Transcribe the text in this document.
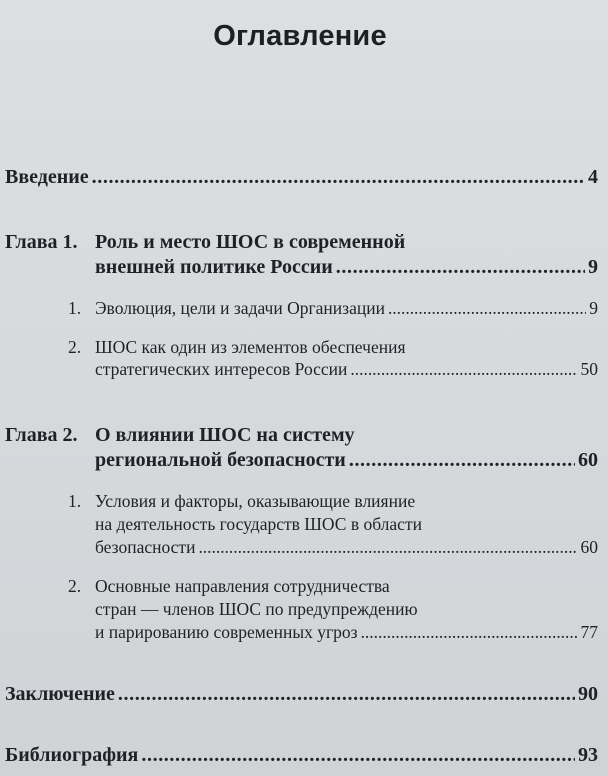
Оглавление
Введение . . .	4
Глава 1. Роль и место ШОС в современной
внешней политике России . . .	9
1. Эволюция, цели и задачи Организации . . .	9
2. ШОС как один из элементов обеспечения
стратегических интересов России . . .	50
Глава 2. О влиянии ШОС на систему
региональной безопасности . . .	60
1. Условия и факторы, оказывающие влияние
на деятельность государств ШОС в области
безопасности . . .	60
2. Основные направления сотрудничества
стран — членов ШОС по предупреждению
и парированию современных угроз . . .	77
Заключение . . .	90
Библиография . . .	93
